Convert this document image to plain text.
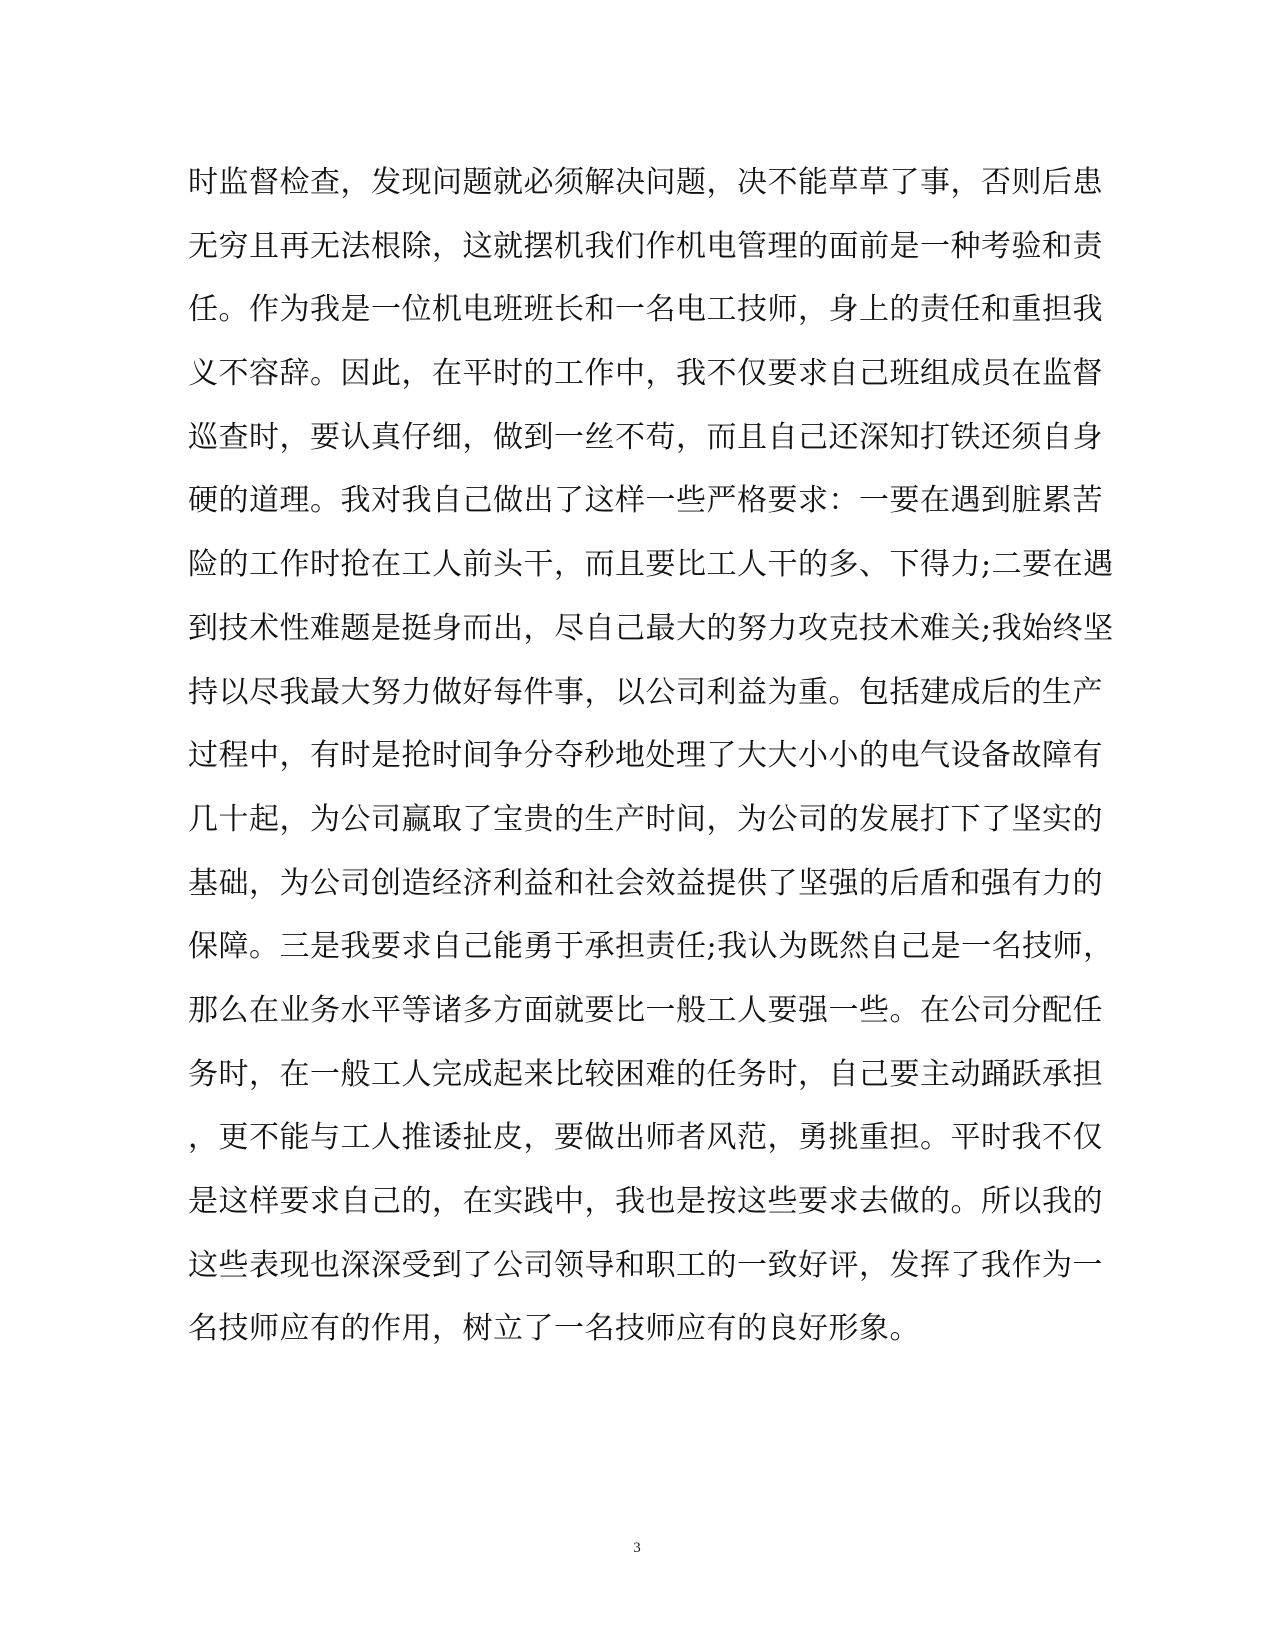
时监督检查，发现问题就必须解决问题，决不能草草了事，否则后患
无穷且再无法根除，这就摆机我们作机电管理的面前是一种考验和责
任。作为我是一位机电班班长和一名电工技师，身上的责任和重担我
义不容辞。因此，在平时的工作中，我不仅要求自己班组成员在监督
巡查时，要认真仔细，做到一丝不苟，而且自己还深知打铁还须自身
硬的道理。我对我自己做出了这样一些严格要求：一要在遇到脏累苦
险的工作时抢在工人前头干，而且要比工人干的多、下得力;二要在遇
到技术性难题是挺身而出，尽自己最大的努力攻克技术难关;我始终坚
持以尽我最大努力做好每件事，以公司利益为重。包括建成后的生产
过程中，有时是抢时间争分夺秒地处理了大大小小的电气设备故障有
几十起，为公司赢取了宝贵的生产时间，为公司的发展打下了坚实的
基础，为公司创造经济利益和社会效益提供了坚强的后盾和强有力的
保障。三是我要求自己能勇于承担责任;我认为既然自己是一名技师，
那么在业务水平等诸多方面就要比一般工人要强一些。在公司分配任
务时，在一般工人完成起来比较困难的任务时，自己要主动踊跃承担
，更不能与工人推诿扯皮，要做出师者风范，勇挑重担。平时我不仅
是这样要求自己的，在实践中，我也是按这些要求去做的。所以我的
这些表现也深深受到了公司领导和职工的一致好评，发挥了我作为一
名技师应有的作用，树立了一名技师应有的良好形象。
3
